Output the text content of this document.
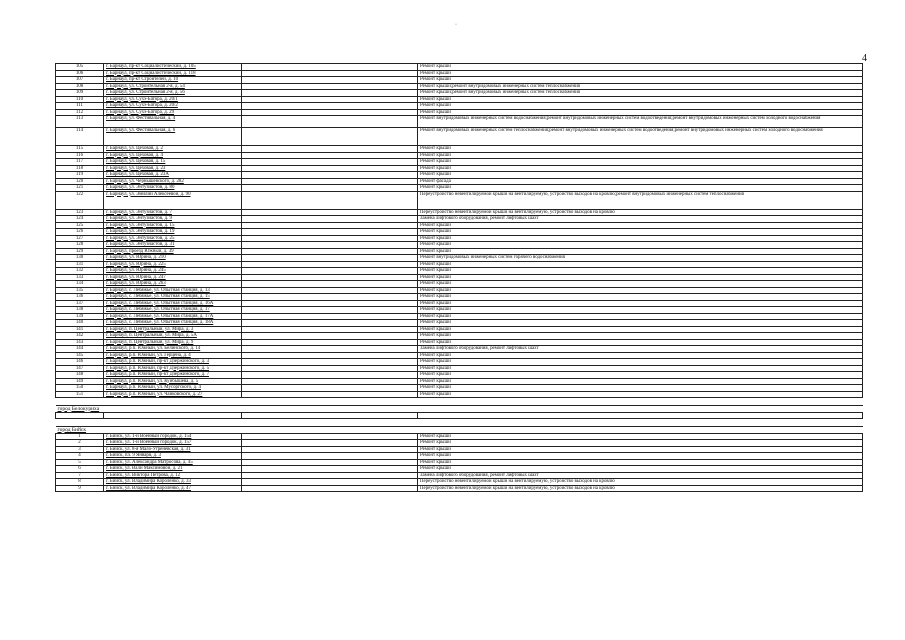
4
·
105	г. Барнаул, пр-кт Социалистический, д. 105		Ремонт крыши
106	г. Барнаул, пр-кт Социалистический, д. 118		Ремонт крыши
107	г. Барнаул, пр-кт Строителей, д. 10		Ремонт крыши
108	г. Барнаул, ул. Строительная 2-я, д. 54		Ремонт крыши;ремонт внутридомовых инженерных систем теплоснабжения
109	г. Барнаул, ул. Строительная 2-я, д. 56		Ремонт крыши;ремонт внутридомовых инженерных систем теплоснабжения
110	г. Барнаул, ул. Сухэ-Батора, д. 20/1		Ремонт крыши
111	г. Барнаул, ул. Сухэ-Батора, д. 20/2		Ремонт крыши
112	г. Барнаул, ул. Сухэ-Батора, д. 29		Ремонт крыши
113	г. Барнаул, ул. Фестивальная, д. 4		Ремонт внутридомовых инженерных систем водоснабжения;ремонт внутридомовых инженерных систем водоотведения;ремонт внутридомовых инженерных систем холодного водоснабжения
114	г. Барнаул, ул. Фестивальная, д. 6		Ремонт внутридомовых инженерных систем теплоснабжения;ремонт внутридомовых инженерных систем водоотведения;ремонт внутридомовых инженерных систем холодного водоснабжения
115	г. Барнаул, ул. Цеховая, д. 2		Ремонт крыши
116	г. Барнаул, ул. Цеховая, д. 4		Ремонт крыши
117	г. Барнаул, ул. Цеховая, д. 15		Ремонт крыши
118	г. Барнаул, ул. Цеховая, д. 23		Ремонт крыши
119	г. Барнаул, ул. Цеховая, д. 23А		Ремонт крыши
120	г. Барнаул, ул. Чернышевского, д. 282		Ремонт фасада
121	г. Барнаул, ул. Энтузиастов, д. 80		Ремонт крыши
122	г. Барнаул, ул. Эмилии Алексеевой, д. 90		Переустройство невентилируемой крыши на вентилируемую, устройство выходов на кровлю;ремонт внутридомовых инженерных систем теплоснабжения
123	г. Барнаул, ул. Энтузиастов, д. 7		Переустройство невентилируемой крыши на вентилируемую, устройство выходов на кровлю
124	г. Барнаул, ул. Энтузиастов, д. 9		Замена лифтового оборудования, ремонт лифтовых шахт
125	г. Барнаул, ул. Энтузиастов, д. 15		Ремонт крыши
126	г. Барнаул, ул. Энтузиастов, д. 19		Ремонт крыши
127	г. Барнаул, ул. Энтузиастов, д. 25		Ремонт крыши
128	г. Барнаул, ул. Энтузиастов, д. 31		Ремонт крыши
129	г. Барнаул, проезд Южный, д. 39		Ремонт крыши
130	г. Барнаул, ул. Юрина, д. 210		Ремонт внутридомовых инженерных систем горячего водоснабжения
131	г. Барнаул, ул. Юрина, д. 225		Ремонт крыши
132	г. Барнаул, ул. Юрина, д. 245		Ремонт крыши
133	г. Барнаул, ул. Юрина, д. 247		Ремонт крыши
134	г. Барнаул, ул. Юрина, д. 263		Ремонт крыши
135	г. Барнаул, с. Лебяжье, ул. Опытная станция, д. 13		Ремонт крыши
136	г. Барнаул, с. Лебяжье, ул. Опытная станция, д. 15		Ремонт крыши
137	г. Барнаул, с. Лебяжье, ул. Опытная станция, д. 16А		Ремонт крыши
138	г. Барнаул, с. Лебяжье, ул. Опытная станция, д. 17		Ремонт крыши
139	г. Барнаул, с. Лебяжье, ул. Опытная станция, д. 17А		Ремонт крыши
140	г. Барнаул, с. Лебяжье, ул. Опытная станция, д. 18А		Ремонт крыши
141	г. Барнаул, п. Центральный, ул. Мира, д. 3		Ремонт крыши
142	г. Барнаул, п. Центральный, ул. Мира, д. 5А		Ремонт крыши
143	г. Барнаул, п. Центральный, ул. Мира, д. 9		Ремонт крыши
144	г. Барнаул, р.п. Южный, ул. Белинского, д. 14		Замена лифтового оборудования, ремонт лифтовых шахт
145	г. Барнаул, р.п. Южный, ул. Герцена, д. 4		Ремонт крыши
146	г. Барнаул, р.п. Южный, пр-кт Дзержинского, д. 3		Ремонт крыши
147	г. Барнаул, р.п. Южный, пр-кт Дзержинского, д. 5		Ремонт крыши
148	г. Барнаул, р.п. Южный, пр-кт Дзержинского, д. 7		Ремонт крыши
149	г. Барнаул, р.п. Южный, ул. Куйбышева, д. 5		Ремонт крыши
150	г. Барнаул, р.п. Южный, ул. Мусоргского, д. 4		Ремонт крыши
151	г. Барнаул, р.п. Южный, ул. Чайковского, д. 27		Ремонт крыши

город Белокуриха			

город Бийск			
1	г. Бийск, ул. 1-й Военный городок, д. 154		Ремонт крыши
2	г. Бийск, ул. 1-й Военный городок, д. 157		Ремонт крыши
3	г. Бийск, ул. 8-я Мало-Угреневская, д. 31		Ремонт крыши
4	г. Бийск, пл. 9 Января, д. 3		Ремонт крыши
5	г. Бийск, ул. Александра Матросова, д. 45		Ремонт крыши
6	г. Бийск, ул. Вали Максимовой, д. 21		Ремонт крыши
7	г. Бийск, ул. Виктора Петрова, д. 12		Замена лифтового оборудования, ремонт лифтовых шахт
8	г. Бийск, ул. Владимира Короленко, д. 33		Переустройство невентилируемой крыши на вентилируемую, устройство выходов на кровлю
9	г. Бийск, ул. Владимира Короленко, д. 47		Переустройство невентилируемой крыши на вентилируемую, устройство выходов на кровлю
